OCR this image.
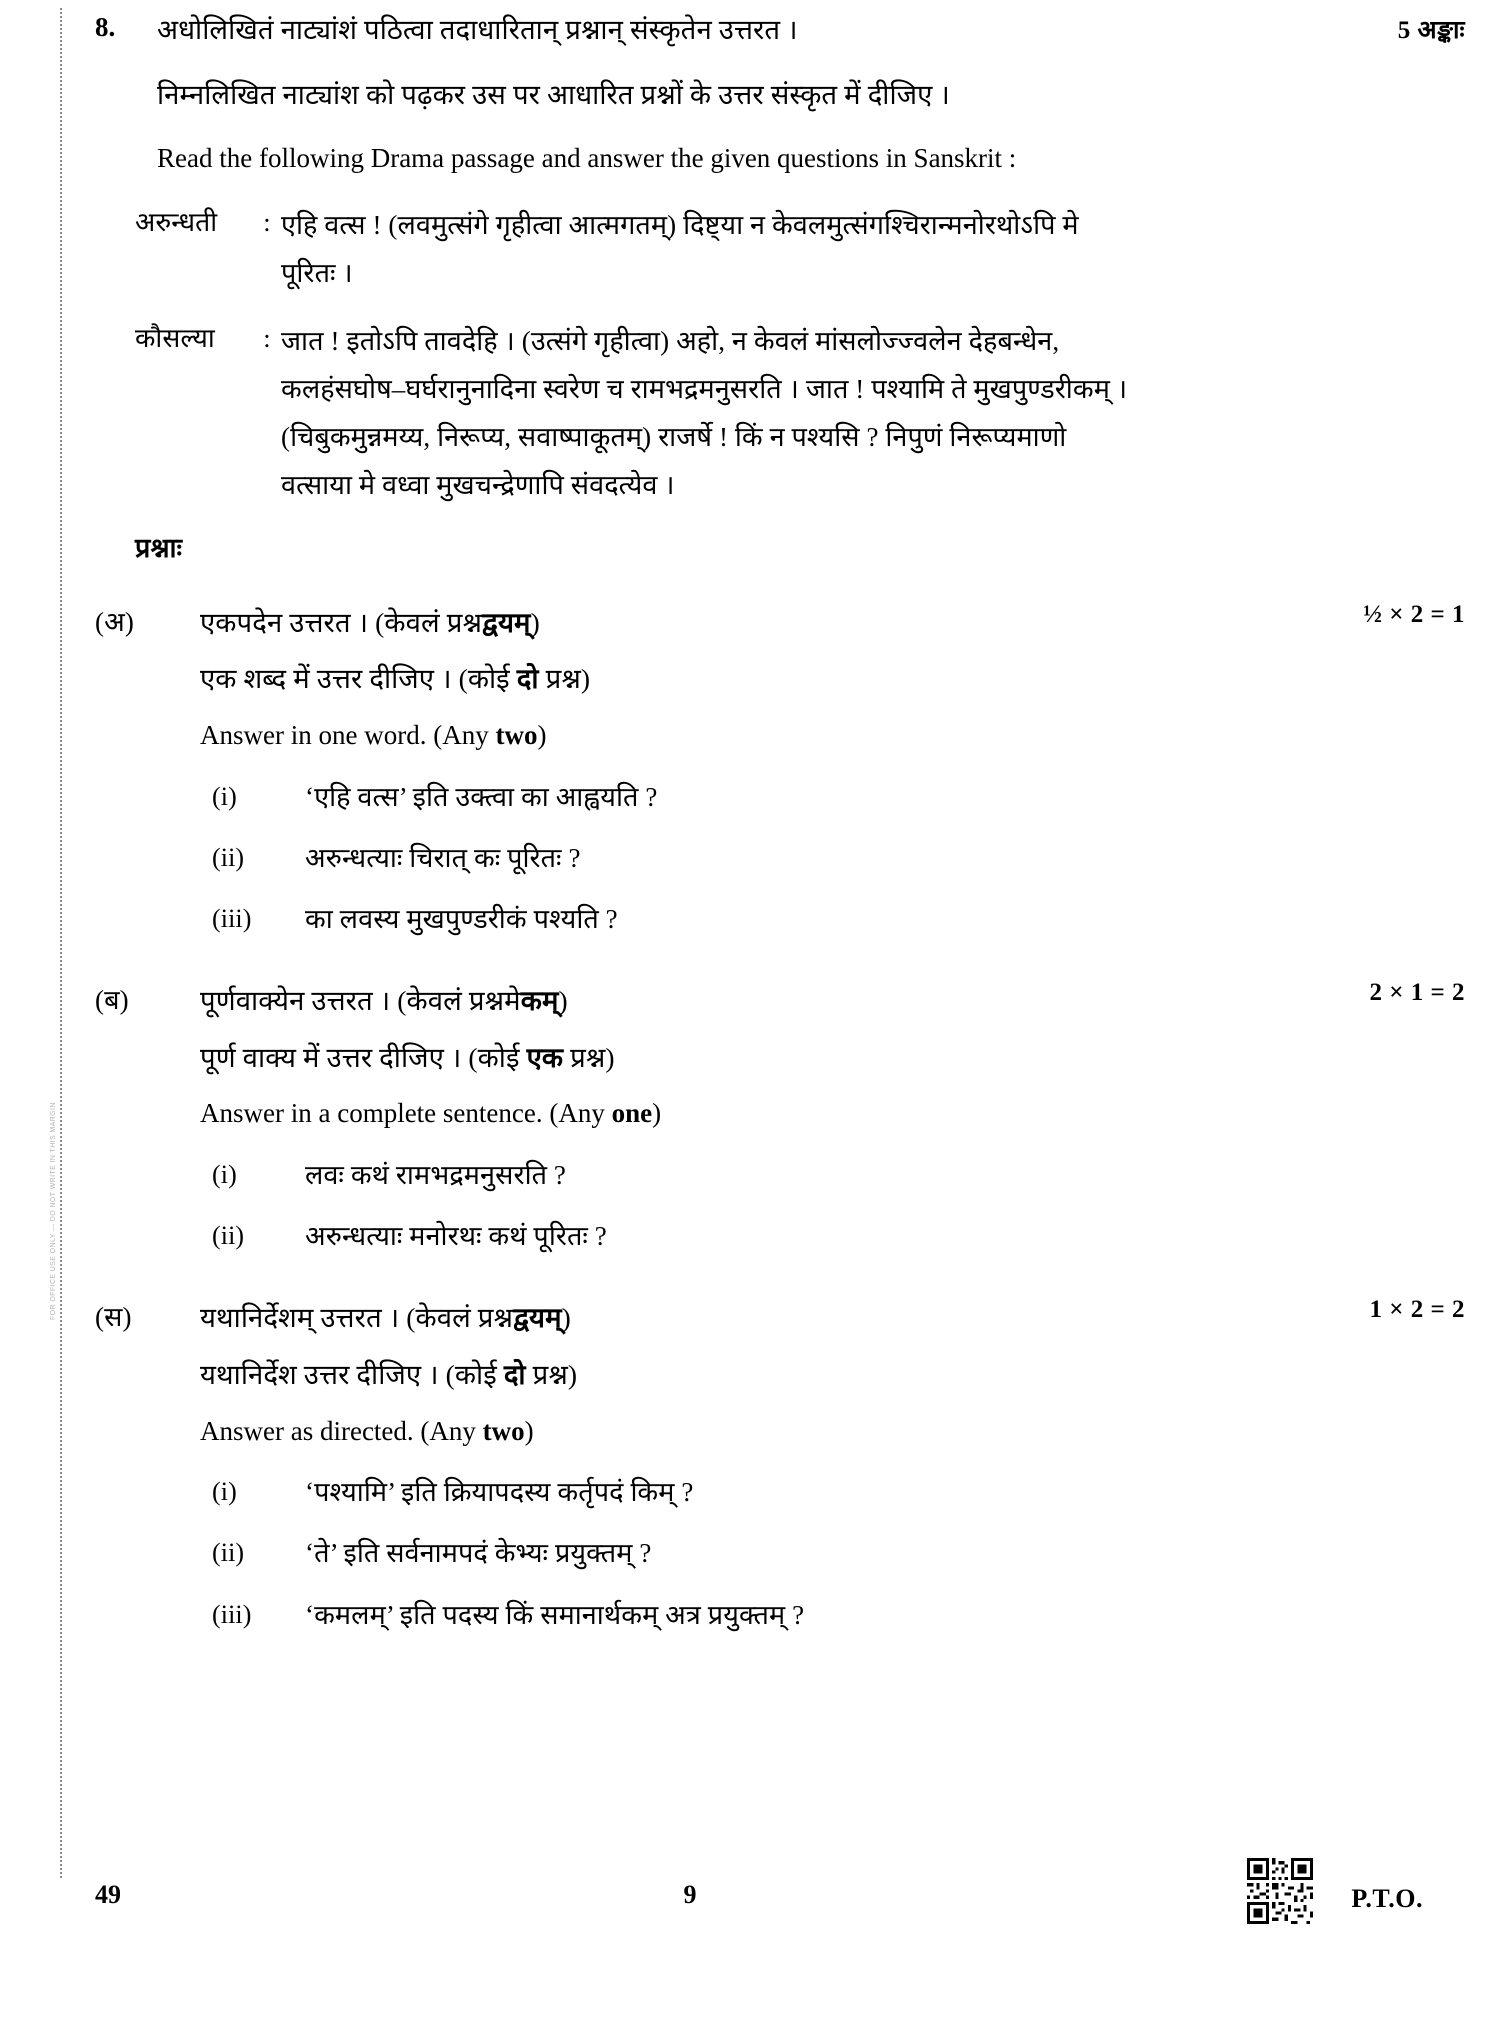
FOR OFFICE USE ONLY — DO NOT WRITE IN THIS MARGIN
8.	अधोलिखितं नाट्यांशं पठित्वा तदाधारितान् प्रश्नान् संस्कृतेन उत्तरत ।
निम्नलिखित नाट्यांश को पढ़कर उस पर आधारित प्रश्नों के उत्तर संस्कृत में दीजिए ।
Read the following Drama passage and answer the given questions in Sanskrit :
5 अङ्काः
अरुन्धती	: एहि वत्स ! (लवमुत्संगे गृहीत्वा आत्मगतम्) दिष्ट्या न केवलमुत्संगश्चिरान्मनोरथोऽपि मे
पूरितः ।
कौसल्या	: जात ! इतोऽपि तावदेहि । (उत्संगे गृहीत्वा) अहो, न केवलं मांसलोज्ज्वलेन देहबन्धेन,
कलहंसघोष–घर्घरानुनादिना स्वरेण च रामभद्रमनुसरति । जात ! पश्यामि ते मुखपुण्डरीकम् ।
(चिबुकमुन्नमय्य, निरूप्य, सवाष्पाकूतम्) राजर्षे ! किं न पश्यसि ? निपुणं निरूप्यमाणो
वत्साया मे वध्वा मुखचन्द्रेणापि संवदत्येव ।
प्रश्नाः
(अ)	एकपदेन उत्तरत । (केवलं प्रश्नद्वयम्)
एक शब्द में उत्तर दीजिए । (कोई दो प्रश्न)
Answer in one word. (Any two)
½ × 2 = 1
(i)	‘एहि वत्स’ इति उक्त्वा का आह्वयति ?
(ii)	अरुन्धत्याः चिरात् कः पूरितः ?
(iii)	का लवस्य मुखपुण्डरीकं पश्यति ?
(ब)	पूर्णवाक्येन उत्तरत । (केवलं प्रश्नमेकम्)
पूर्ण वाक्य में उत्तर दीजिए । (कोई एक प्रश्न)
Answer in a complete sentence. (Any one)
2 × 1 = 2
(i)	लवः कथं रामभद्रमनुसरति ?
(ii)	अरुन्धत्याः मनोरथः कथं पूरितः ?
(स)	यथानिर्देशम् उत्तरत । (केवलं प्रश्नद्वयम्)
यथानिर्देश उत्तर दीजिए । (कोई दो प्रश्न)
Answer as directed. (Any two)
1 × 2 = 2
(i)	‘पश्यामि’ इति क्रियापदस्य कर्तृपदं किम् ?
(ii)	‘ते’ इति सर्वनामपदं केभ्यः प्रयुक्तम् ?
(iii)	‘कमलम्’ इति पदस्य किं समानार्थकम् अत्र प्रयुक्तम् ?
49	9	P.T.O.
